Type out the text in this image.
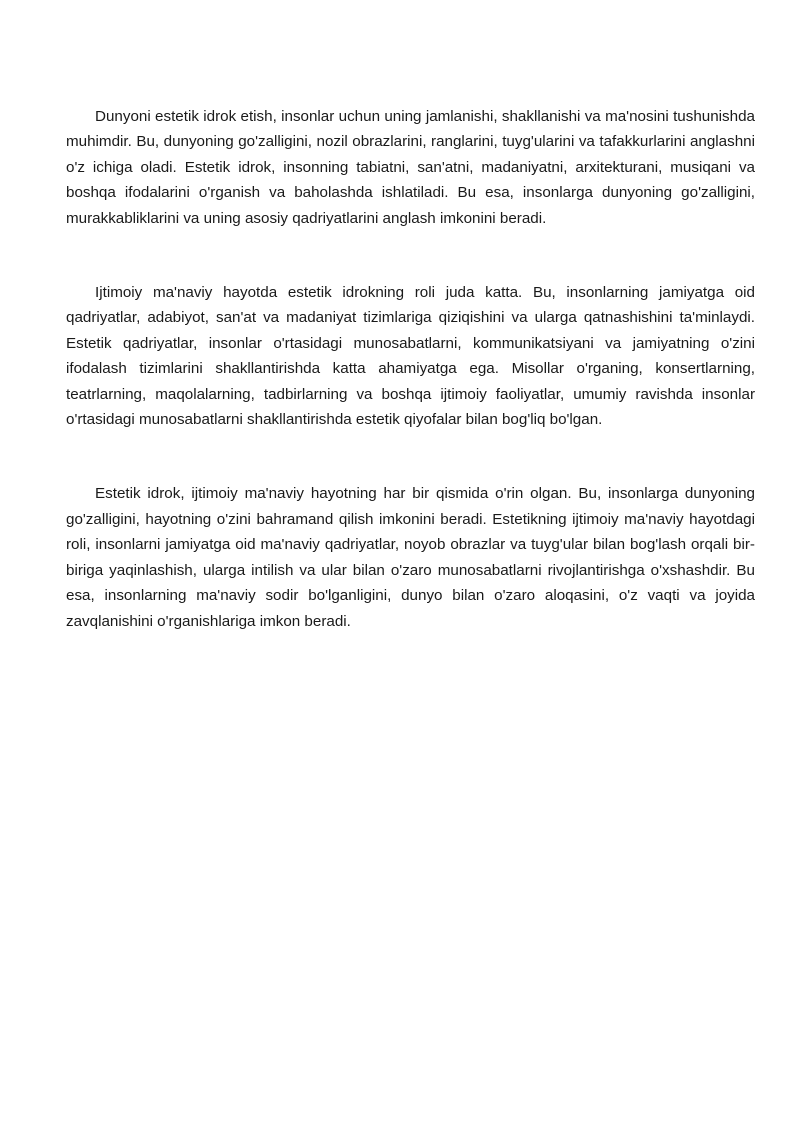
Dunyoni estetik idrok etish, insonlar uchun uning jamlanishi, shakllanishi va ma'nosini tushunishda muhimdir. Bu, dunyoning go'zalligini, nozil obrazlarini, ranglarini, tuyg'ularini va tafakkurlarini anglashni o'z ichiga oladi. Estetik idrok, insonning tabiatni, san'atni, madaniyatni, arxitekturani, musiqani va boshqa ifodalarini o'rganish va baholashda ishlatiladi. Bu esa, insonlarga dunyoning go'zalligini, murakkabliklarini va uning asosiy qadriyatlarini anglash imkonini beradi.

Ijtimoiy ma'naviy hayotda estetik idrokning roli juda katta. Bu, insonlarning jamiyatga oid qadriyatlar, adabiyot, san'at va madaniyat tizimlariga qiziqishini va ularga qatnashishini ta'minlaydi. Estetik qadriyatlar, insonlar o'rtasidagi munosabatlarni, kommunikatsiyani va jamiyatning o'zini ifodalash tizimlarini shakllantirishda katta ahamiyatga ega. Misollar o'rganing, konsertlarning, teatrlarning, maqolalarning, tadbirlarning va boshqa ijtimoiy faoliyatlar, umumiy ravishda insonlar o'rtasidagi munosabatlarni shakllantirishda estetik qiyofalar bilan bog'liq bo'lgan.

Estetik idrok, ijtimoiy ma'naviy hayotning har bir qismida o'rin olgan. Bu, insonlarga dunyoning go'zalligini, hayotning o'zini bahramand qilish imkonini beradi. Estetikning ijtimoiy ma'naviy hayotdagi roli, insonlarni jamiyatga oid ma'naviy qadriyatlar, noyob obrazlar va tuyg'ular bilan bog'lash orqali bir-biriga yaqinlashish, ularga intilish va ular bilan o'zaro munosabatlarni rivojlantirishga o'xshashdir. Bu esa, insonlarning ma'naviy sodir bo'lganligini, dunyo bilan o'zaro aloqasini, o'z vaqti va joyida zavqlanishini o'rganishlariga imkon beradi.
